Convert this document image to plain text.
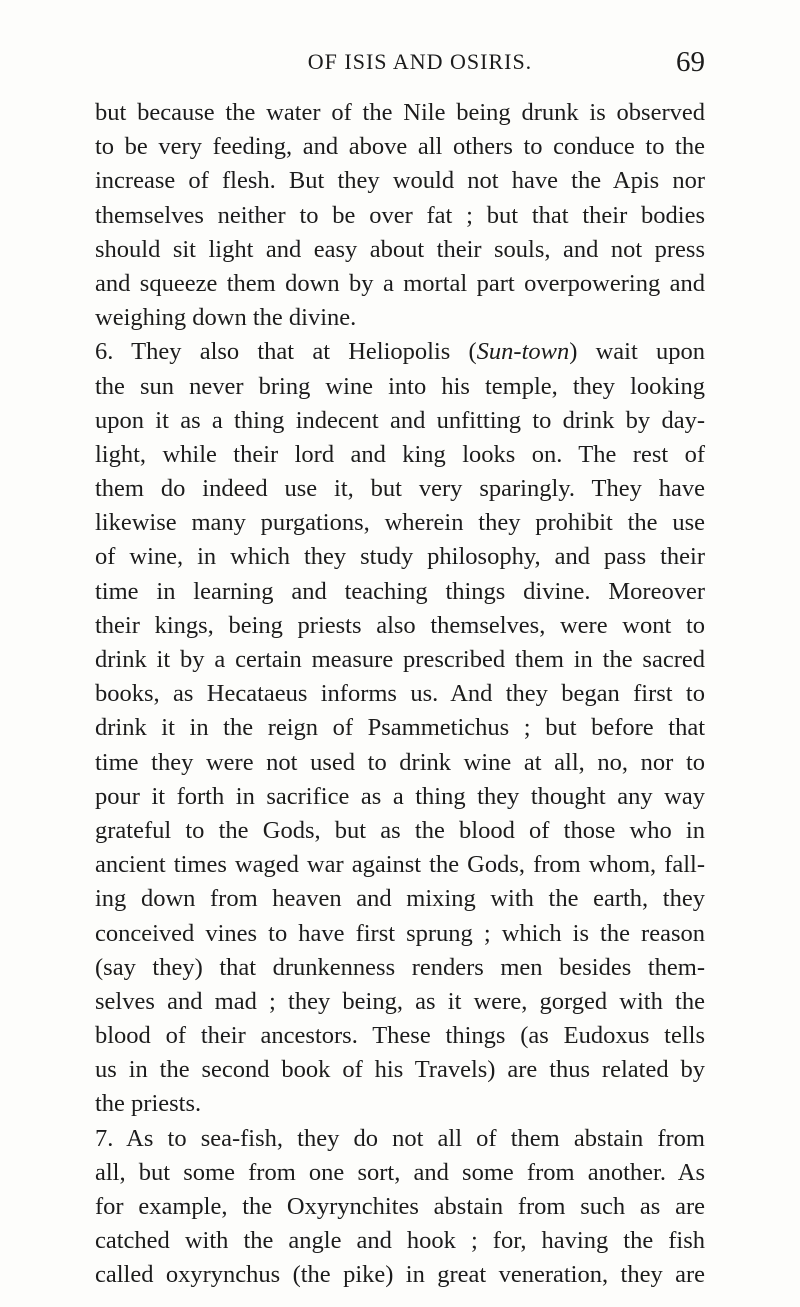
OF ISIS AND OSIRIS.	69
but because the water of the Nile being drunk is observed
to be very feeding, and above all others to conduce to the
increase of flesh. But they would not have the Apis nor
themselves neither to be over fat ; but that their bodies
should sit light and easy about their souls, and not press
and squeeze them down by a mortal part overpowering and
weighing down the divine.
6. They also that at Heliopolis (Sun-town) wait upon
the sun never bring wine into his temple, they looking
upon it as a thing indecent and unfitting to drink by day-
light, while their lord and king looks on. The rest of
them do indeed use it, but very sparingly. They have
likewise many purgations, wherein they prohibit the use
of wine, in which they study philosophy, and pass their
time in learning and teaching things divine. Moreover
their kings, being priests also themselves, were wont to
drink it by a certain measure prescribed them in the sacred
books, as Hecataeus informs us. And they began first to
drink it in the reign of Psammetichus ; but before that
time they were not used to drink wine at all, no, nor to
pour it forth in sacrifice as a thing they thought any way
grateful to the Gods, but as the blood of those who in
ancient times waged war against the Gods, from whom, fall-
ing down from heaven and mixing with the earth, they
conceived vines to have first sprung ; which is the reason
(say they) that drunkenness renders men besides them-
selves and mad ; they being, as it were, gorged with the
blood of their ancestors. These things (as Eudoxus tells
us in the second book of his Travels) are thus related by
the priests.
7. As to sea-fish, they do not all of them abstain from
all, but some from one sort, and some from another. As
for example, the Oxyrynchites abstain from such as are
catched with the angle and hook ; for, having the fish
called oxyrynchus (the pike) in great veneration, they are
